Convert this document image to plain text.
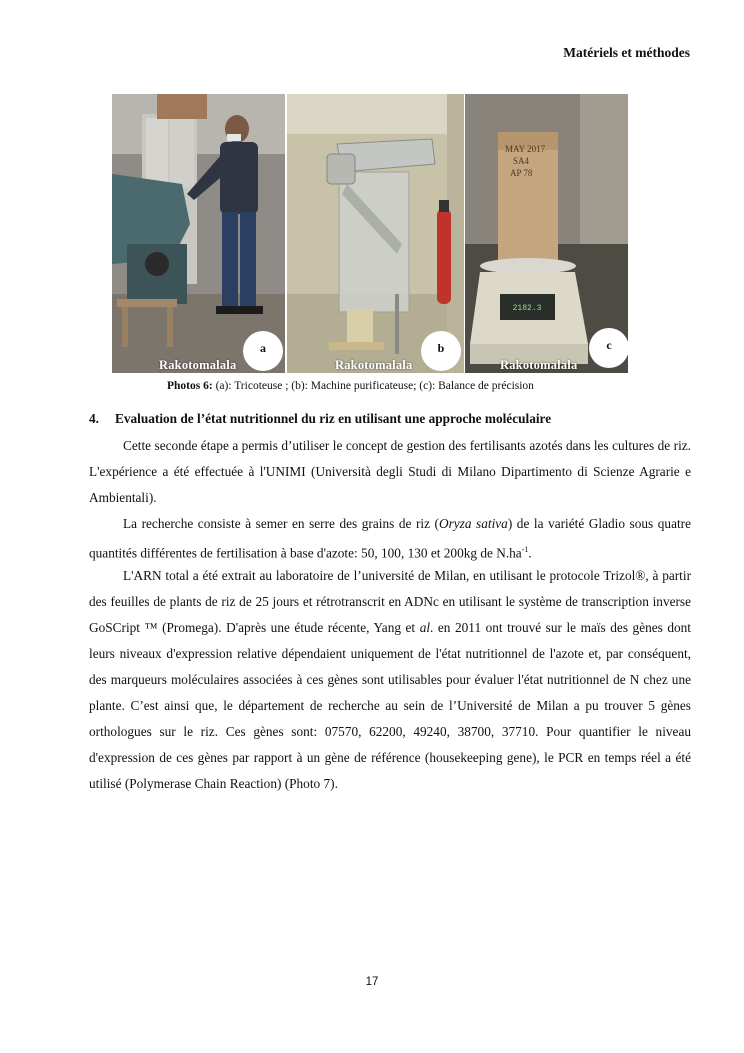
Matériels et méthodes
a
Rakotomalala
b
Rakotomalala
MAY 2017 SA4 AP 78
2182.3
c
Rakotomalala
Photos 6: (a): Tricoteuse ; (b): Machine purificateuse; (c): Balance de précision
4. Evaluation de l’état nutritionnel du riz en utilisant une approche moléculaire
Cette seconde étape a permis d’utiliser le concept de gestion des fertilisants azotés dans les cultures de riz. L'expérience a été effectuée à l'UNIMI (Università degli Studi di Milano Dipartimento di Scienze Agrarie e Ambientali).
La recherche consiste à semer en serre des grains de riz (Oryza sativa) de la variété Gladio sous quatre quantités différentes de fertilisation à base d'azote: 50, 100, 130 et 200kg de $N.ha^{-1}$.
L'ARN total a été extrait au laboratoire de l’université de Milan, en utilisant le protocole Trizol®, à partir des feuilles de plants de riz de 25 jours et rétrotranscrit en ADNc en utilisant le système de transcription inverse GoSCript ™ (Promega). D'après une étude récente, Yang et al. en 2011 ont trouvé sur le maïs des gènes dont leurs niveaux d'expression relative dépendaient uniquement de l'état nutritionnel de l'azote et, par conséquent, des marqueurs moléculaires associées à ces gènes sont utilisables pour évaluer l'état nutritionnel de N chez une plante. C’est ainsi que, le département de recherche au sein de l’Université de Milan a pu trouver 5 gènes orthologues sur le riz. Ces gènes sont: 07570, 62200, 49240, 38700, 37710. Pour quantifier le niveau d'expression de ces gènes par rapport à un gène de référence (housekeeping gene), le PCR en temps réel a été utilisé (Polymerase Chain Reaction) (Photo 7).
17
